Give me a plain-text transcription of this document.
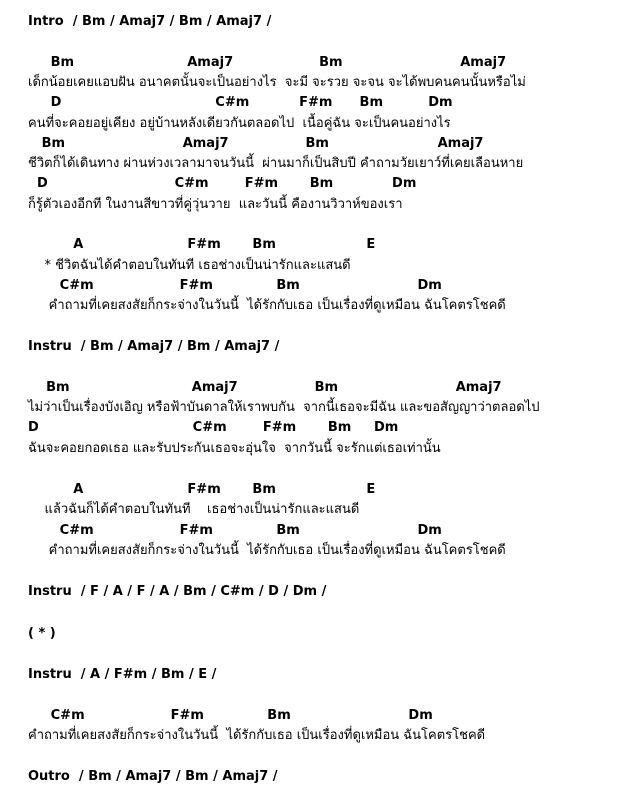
Intro  / Bm / Amaj7 / Bm / Amaj7 /
Bm                         Amaj7                   Bm                          Amaj7
เด็กน้อยเคยแอบฝัน อนาคตนั้นจะเป็นอย่างไร  จะมี จะรวย จะจน จะได้พบคนคนนั้นหรือไม่
D                                  C#m           F#m      Bm          Dm
คนที่จะคอยอยู่เคียง อยู่บ้านหลังเดียวกันตลอดไป  เนื้อคู่ฉัน จะเป็นคนอย่างไร
Bm                          Amaj7                 Bm                        Amaj7
ชีวิตก็ได้เดินทาง ผ่านห่วงเวลามาจนวันนี้  ผ่านมาก็เป็นสิบปี คำถามวัยเยาว์ที่เคยเลือนหาย
D                            C#m        F#m       Bm             Dm
ก็รู้ตัวเองอีกที ในงานสีขาวที่คู่วุ่นวาย  และวันนี้ คืองานวิวาห์ของเรา
A                       F#m       Bm                    E
* ชีวิตฉันได้คำตอบในทันที เธอช่างเป็นน่ารักและแสนดี
C#m                   F#m              Bm                          Dm
คำถามที่เคยสงสัยก็กระจ่างในวันนี้  ได้รักกับเธอ เป็นเรื่องที่ดูเหมือน ฉันโคตรโชคดี
Instru  / Bm / Amaj7 / Bm / Amaj7 /
Bm                           Amaj7                 Bm                          Amaj7
ไม่ว่าเป็นเรื่องบังเอิญ หรือฟ้าบันดาลให้เราพบกัน  จากนี้เธอจะมีฉัน และขอสัญญาว่าตลอดไป
D                                  C#m        F#m       Bm     Dm
ฉันจะคอยกอดเธอ และรับประกันเธอจะอุ่นใจ  จากวันนี้ จะรักแต่เธอเท่านั้น
A                       F#m       Bm                    E
แล้วฉันก็ได้คำตอบในทันที    เธอช่างเป็นน่ารักและแสนดี
C#m                   F#m              Bm                          Dm
คำถามที่เคยสงสัยก็กระจ่างในวันนี้  ได้รักกับเธอ เป็นเรื่องที่ดูเหมือน ฉันโคตรโชคดี
Instru  / F / A / F / A / Bm / C#m / D / Dm /
( * )
Instru  / A / F#m / Bm / E /
C#m                   F#m              Bm                          Dm
คำถามที่เคยสงสัยก็กระจ่างในวันนี้  ได้รักกับเธอ เป็นเรื่องที่ดูเหมือน ฉันโคตรโชคดี
Outro  / Bm / Amaj7 / Bm / Amaj7 /
